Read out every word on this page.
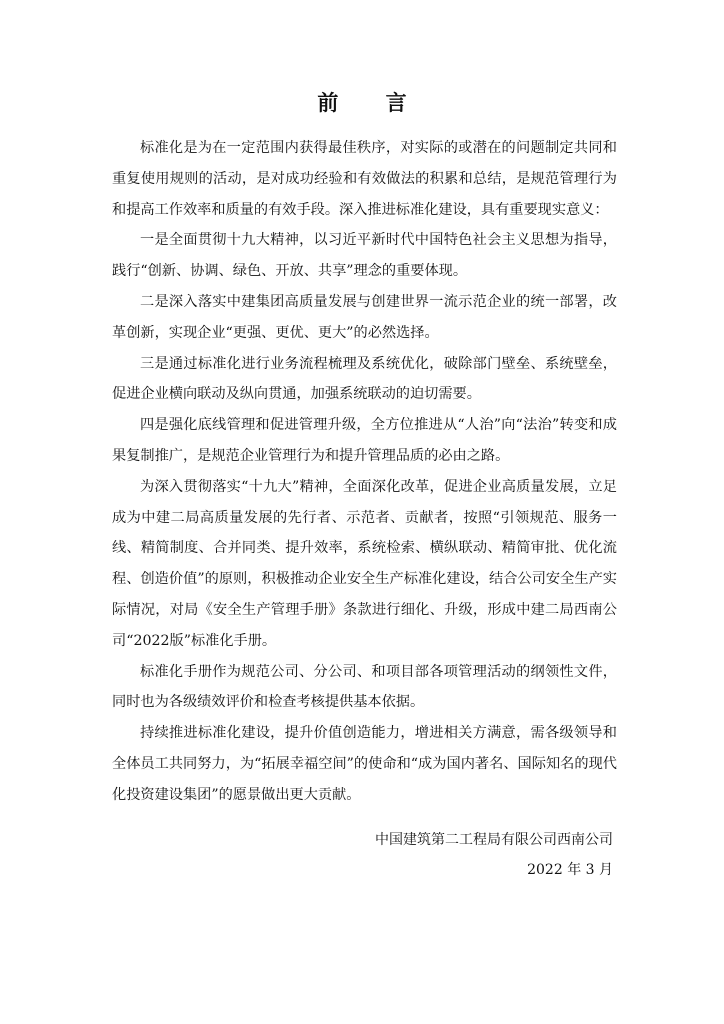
前 言

标准化是为在一定范围内获得最佳秩序，对实际的或潜在的问题制定共同和重复使用规则的活动，是对成功经验和有效做法的积累和总结，是规范管理行为和提高工作效率和质量的有效手段。深入推进标准化建设，具有重要现实意义：

一是全面贯彻十九大精神，以习近平新时代中国特色社会主义思想为指导，践行“创新、协调、绿色、开放、共享”理念的重要体现。

二是深入落实中建集团高质量发展与创建世界一流示范企业的统一部署，改革创新，实现企业“更强、更优、更大”的必然选择。

三是通过标准化进行业务流程梳理及系统优化，破除部门壁垒、系统壁垒，促进企业横向联动及纵向贯通，加强系统联动的迫切需要。

四是强化底线管理和促进管理升级，全方位推进从“人治”向“法治”转变和成果复制推广，是规范企业管理行为和提升管理品质的必由之路。

为深入贯彻落实“十九大”精神，全面深化改革，促进企业高质量发展，立足成为中建二局高质量发展的先行者、示范者、贡献者，按照“引领规范、服务一线、精简制度、合并同类、提升效率，系统检索、横纵联动、精简审批、优化流程、创造价值”的原则，积极推动企业安全生产标准化建设，结合公司安全生产实际情况，对局《安全生产管理手册》条款进行细化、升级，形成中建二局西南公司“2022版”标准化手册。

标准化手册作为规范公司、分公司、和项目部各项管理活动的纲领性文件，同时也为各级绩效评价和检查考核提供基本依据。

持续推进标准化建设，提升价值创造能力，增进相关方满意，需各级领导和全体员工共同努力，为“拓展幸福空间”的使命和“成为国内著名、国际知名的现代化投资建设集团”的愿景做出更大贡献。

中国建筑第二工程局有限公司西南公司
2022 年 3 月
